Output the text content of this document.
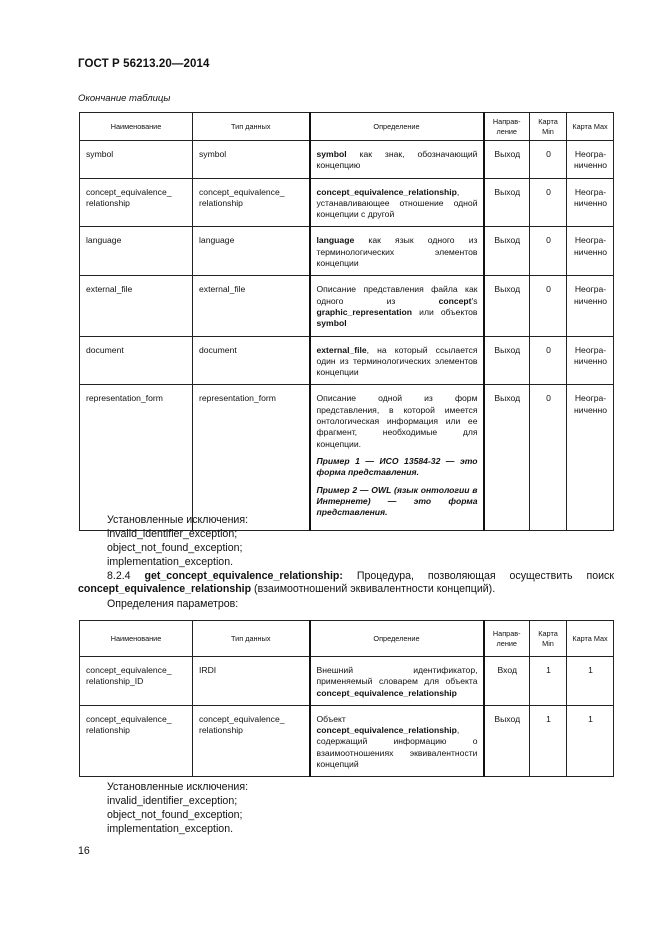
ГОСТ Р 56213.20—2014
Окончание таблицы
Наименование	Тип данных	Определение	Направ-ление	Карта Min	Карта Max
symbol	symbol	symbol как знак, обозначающий концепцию	Выход	0	Неогра-ниченно
concept_equivalence_ relationship	concept_equivalence_ relationship	concept_equivalence_relationship, устанавливающее отношение одной концепции с другой	Выход	0	Неогра-ниченно
language	language	language как язык одного из терминологических элементов концепции	Выход	0	Неогра-ниченно
external_file	external_file	Описание представления файла как одного из concept's graphic_representation или объектов symbol	Выход	0	Неогра-ниченно
document	document	external_file, на который ссылается один из терминологических элементов концепции	Выход	0	Неогра-ниченно
representation_form	representation_form	Описание одной из форм представления, в которой имеется онтологическая информация или ее фрагмент, необходимые для концепции.

Пример 1 — ИСО 13584-32 — это форма представления.

Пример 2 — OWL (язык онтологии в Интернете) — это форма представления.	Выход	0	Неогра-ниченно
Установленные исключения:
invalid_identifier_exception;
object_not_found_exception;
implementation_exception.
8.2.4 get_concept_equivalence_relationship: Процедура, позволяющая осуществить поиск concept_equivalence_relationship (взаимоотношений эквивалентности концепций).
Определения параметров:
Наименование	Тип данных	Определение	Направ-ление	Карта Min	Карта Max
concept_equivalence_ relationship_ID	IRDI	Внешний идентификатор, применяемый словарем для объекта concept_equivalence_relationship	Вход	1	1
concept_equivalence_ relationship	concept_equivalence_ relationship	Объект concept_equivalence_relationship, содержащий информацию о взаимоотношениях эквивалентности концепций	Выход	1	1
Установленные исключения:
invalid_identifier_exception;
object_not_found_exception;
implementation_exception.
16
